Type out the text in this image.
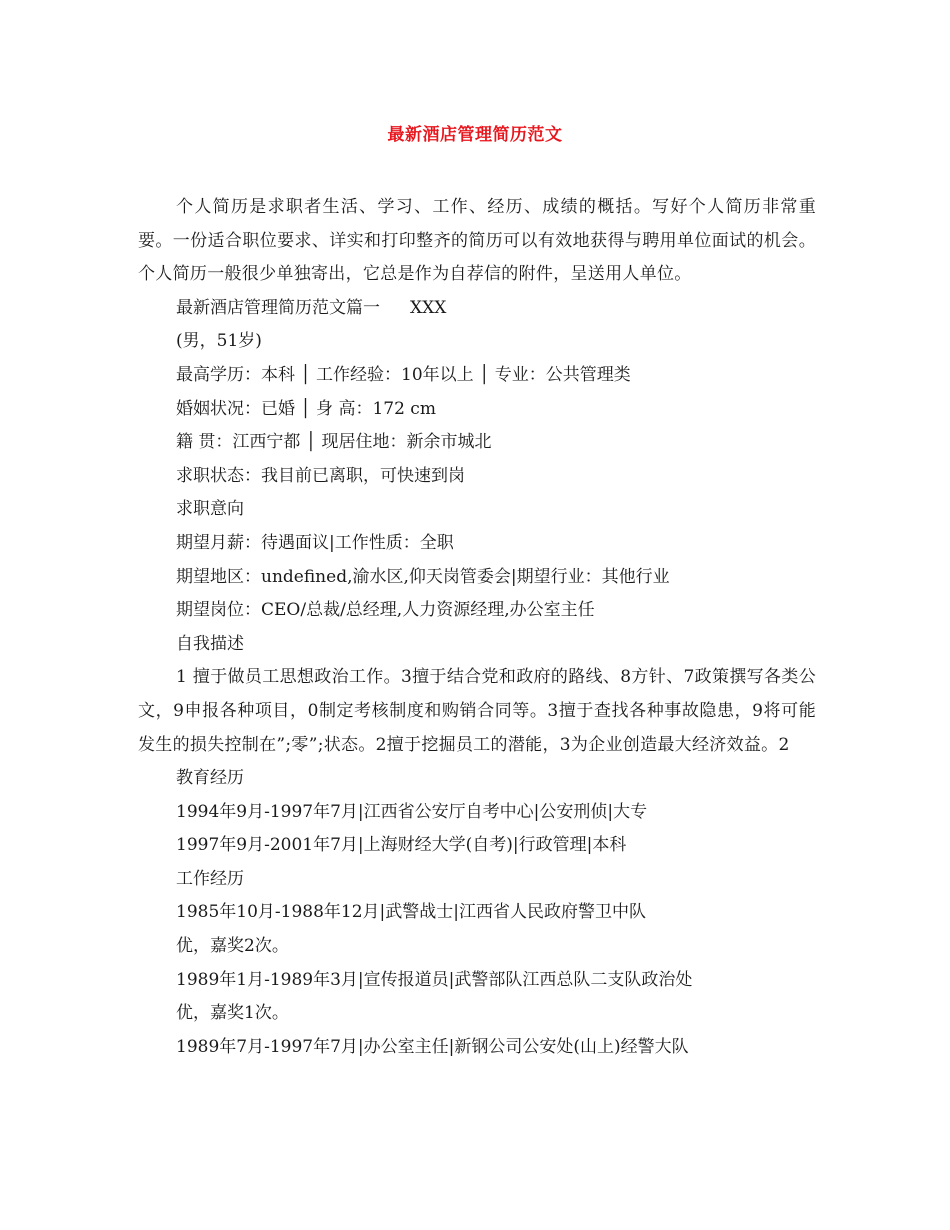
最新酒店管理简历范文

个人简历是求职者生活、学习、工作、经历、成绩的概括。写好个人简历非常重要。一份适合职位要求、详实和打印整齐的简历可以有效地获得与聘用单位面试的机会。个人简历一般很少单独寄出，它总是作为自荐信的附件，呈送用人单位。

最新酒店管理简历范文篇一 XXX

(男，51岁)

最高学历：本科 │ 工作经验：10年以上 │ 专业：公共管理类

婚姻状况：已婚 │ 身 高：172 cm

籍 贯：江西宁都 │ 现居住地：新余市城北

求职状态：我目前已离职，可快速到岗

求职意向

期望月薪：待遇面议|工作性质：全职

期望地区：undefined,渝水区,仰天岗管委会|期望行业：其他行业

期望岗位：CEO/总裁/总经理,人力资源经理,办公室主任

自我描述

1 擅于做员工思想政治工作。3擅于结合党和政府的路线、8方针、7政策撰写各类公文，9申报各种项目，0制定考核制度和购销合同等。3擅于查找各种事故隐患，9将可能发生的损失控制在”;零”;状态。2擅于挖掘员工的潜能，3为企业创造最大经济效益。2

教育经历

1994年9月-1997年7月|江西省公安厅自考中心|公安刑侦|大专

1997年9月-2001年7月|上海财经大学(自考)|行政管理|本科

工作经历

1985年10月-1988年12月|武警战士|江西省人民政府警卫中队

优，嘉奖2次。

1989年1月-1989年3月|宣传报道员|武警部队江西总队二支队政治处

优，嘉奖1次。

1989年7月-1997年7月|办公室主任|新钢公司公安处(山上)经警大队
